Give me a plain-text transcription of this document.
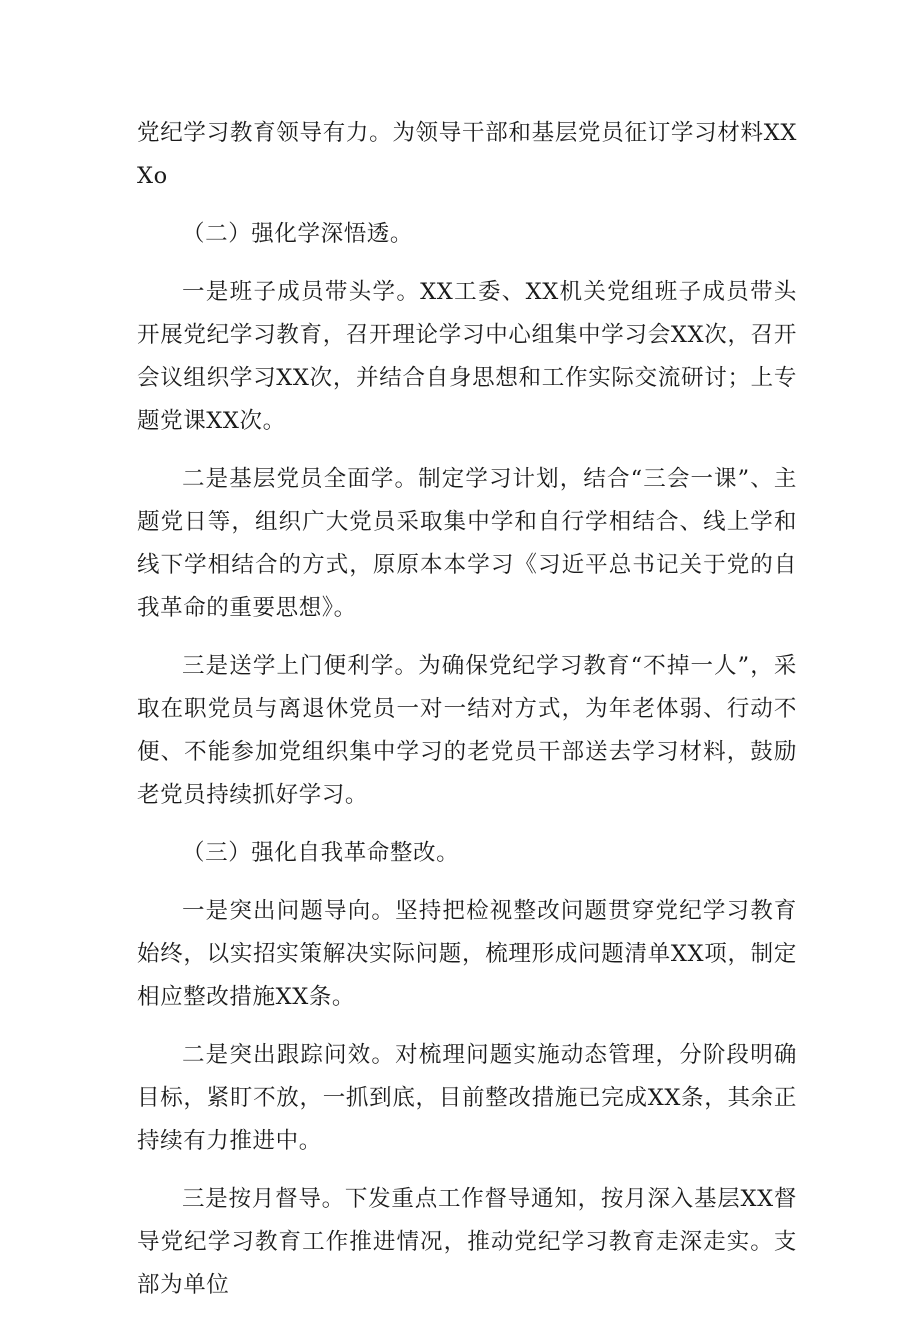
党纪学习教育领导有力。为领导干部和基层党员征订学习材料XXXo

（二）强化学深悟透。

一是班子成员带头学。XX工委、XX机关党组班子成员带头开展党纪学习教育，召开理论学习中心组集中学习会XX次，召开会议组织学习XX次，并结合自身思想和工作实际交流研讨；上专题党课XX次。

二是基层党员全面学。制定学习计划，结合“三会一课”、主题党日等，组织广大党员采取集中学和自行学相结合、线上学和线下学相结合的方式，原原本本学习《习近平总书记关于党的自我革命的重要思想》。

三是送学上门便利学。为确保党纪学习教育“不掉一人”，采取在职党员与离退休党员一对一结对方式，为年老体弱、行动不便、不能参加党组织集中学习的老党员干部送去学习材料，鼓励老党员持续抓好学习。

（三）强化自我革命整改。

一是突出问题导向。坚持把检视整改问题贯穿党纪学习教育始终，以实招实策解决实际问题，梳理形成问题清单XX项，制定相应整改措施XX条。

二是突出跟踪问效。对梳理问题实施动态管理，分阶段明确目标，紧盯不放，一抓到底，目前整改措施已完成XX条，其余正持续有力推进中。

三是按月督导。下发重点工作督导通知，按月深入基层XX督导党纪学习教育工作推进情况，推动党纪学习教育走深走实。支部为单位
